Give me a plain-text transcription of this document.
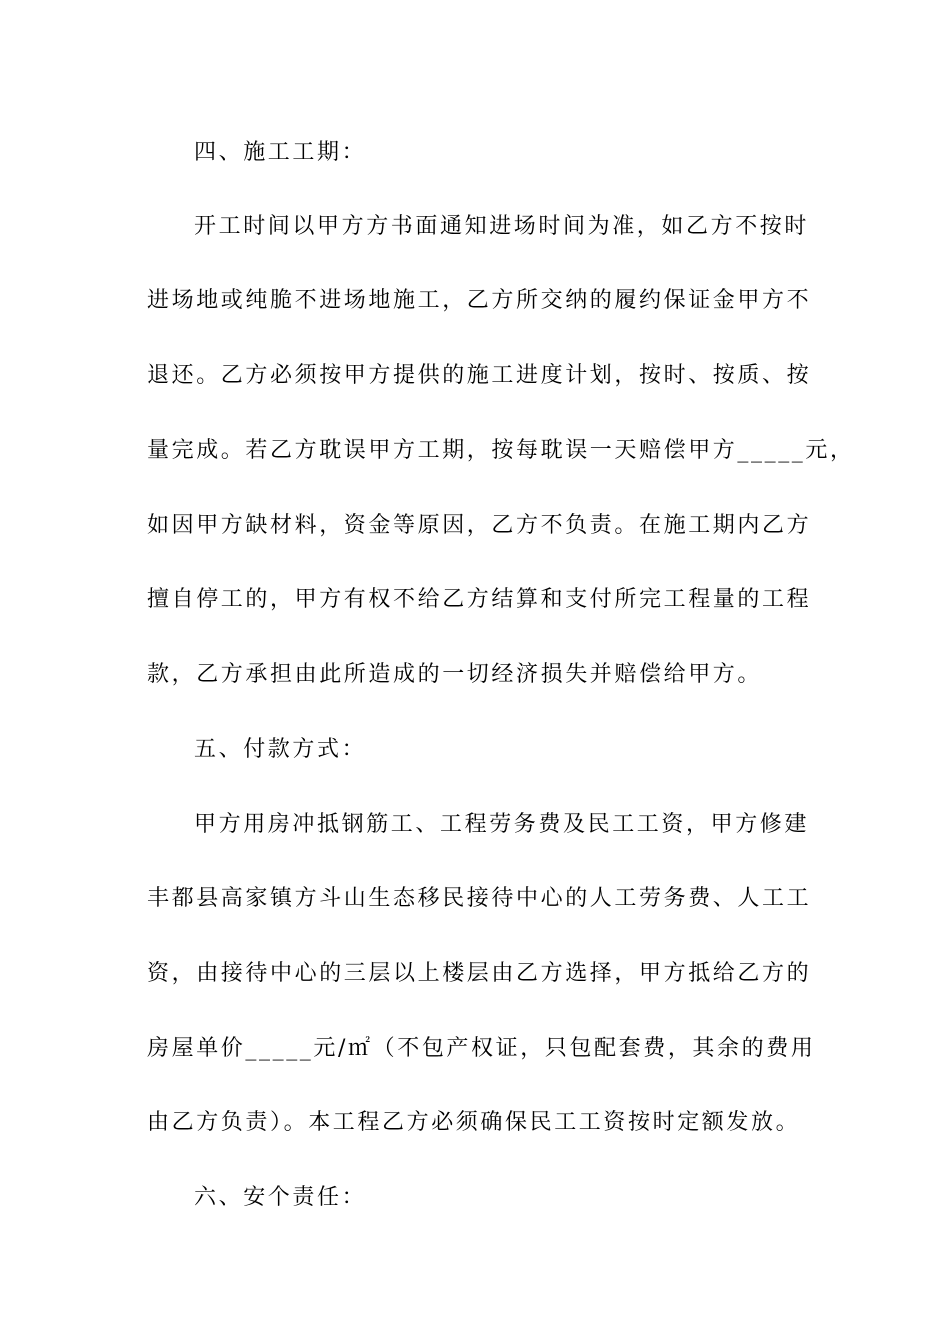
四、施工工期：
开工时间以甲方方书面通知进场时间为准，如乙方不按时
进场地或纯脆不进场地施工，乙方所交纳的履约保证金甲方不
退还。乙方必须按甲方提供的施工进度计划，按时、按质、按
量完成。若乙方耽误甲方工期，按每耽误一天赔偿甲方_____元，
如因甲方缺材料，资金等原因，乙方不负责。在施工期内乙方
擅自停工的，甲方有权不给乙方结算和支付所完工程量的工程
款，乙方承担由此所造成的一切经济损失并赔偿给甲方。
五、付款方式：
甲方用房冲抵钢筋工、工程劳务费及民工工资，甲方修建
丰都县高家镇方斗山生态移民接待中心的人工劳务费、人工工
资，由接待中心的三层以上楼层由乙方选择，甲方抵给乙方的
房屋单价_____元/㎡（不包产权证，只包配套费，其余的费用
由乙方负责）。本工程乙方必须确保民工工资按时定额发放。
六、安个责任：
